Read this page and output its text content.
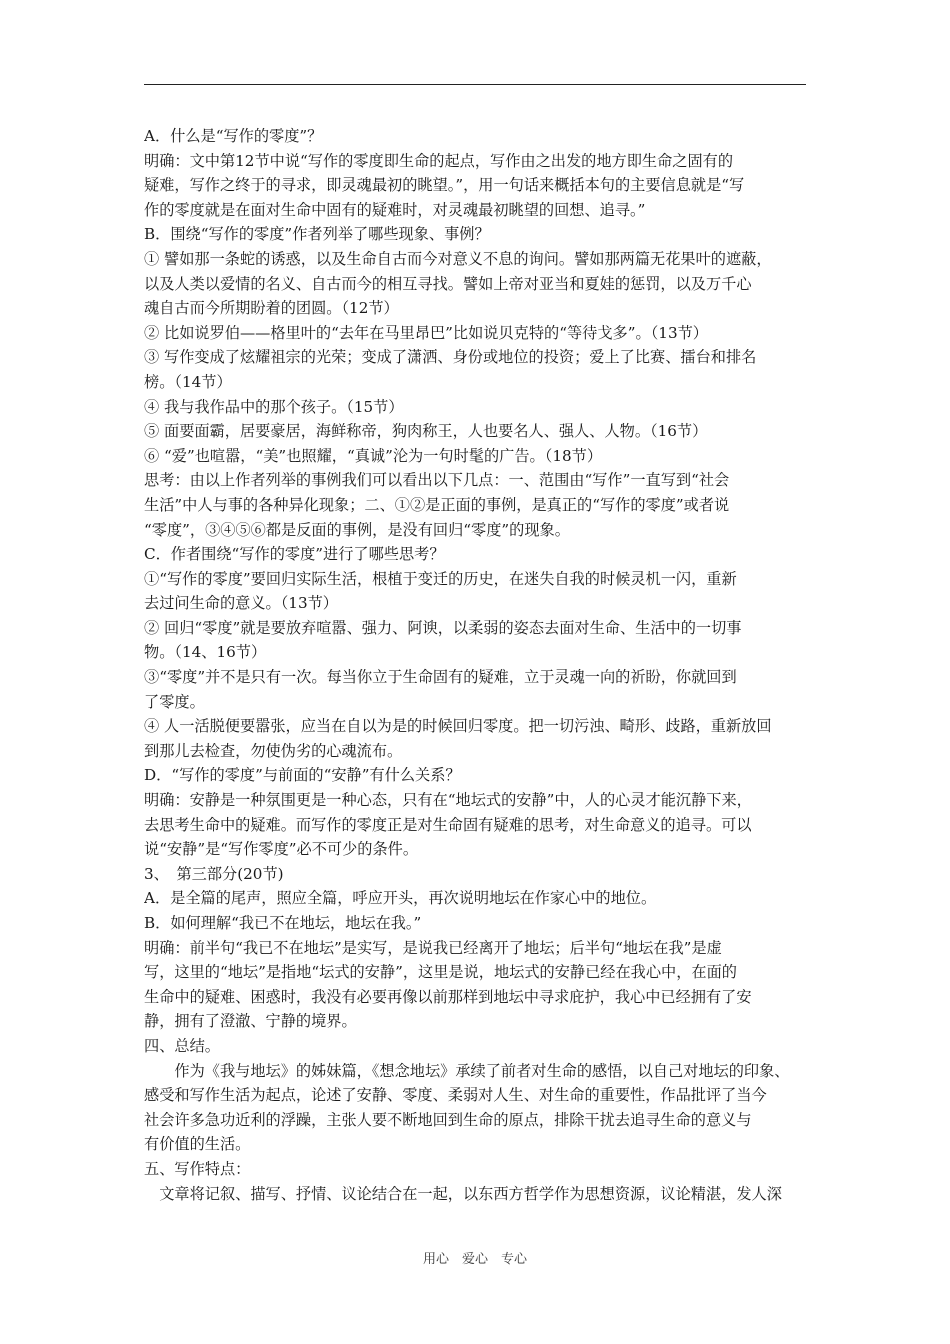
A．什么是“写作的零度”？
明确：文中第12节中说“写作的零度即生命的起点，写作由之出发的地方即生命之固有的
疑难，写作之终于的寻求，即灵魂最初的眺望。”，用一句话来概括本句的主要信息就是“写
作的零度就是在面对生命中固有的疑难时，对灵魂最初眺望的回想、追寻。”
B．围绕“写作的零度”作者列举了哪些现象、事例？
① 譬如那一条蛇的诱惑，以及生命自古而今对意义不息的询问。譬如那两篇无花果叶的遮蔽，
以及人类以爱情的名义、自古而今的相互寻找。譬如上帝对亚当和夏娃的惩罚，以及万千心
魂自古而今所期盼着的团圆。（12节）
② 比如说罗伯——格里叶的“去年在马里昂巴”比如说贝克特的“等待戈多”。（13节）
③ 写作变成了炫耀祖宗的光荣；变成了潇洒、身份或地位的投资；爱上了比赛、擂台和排名
榜。（14节）
④ 我与我作品中的那个孩子。（15节）
⑤ 面要面霸，居要豪居，海鲜称帝，狗肉称王，人也要名人、强人、人物。（16节）
⑥ “爱”也喧嚣，“美”也照耀，“真诚”沦为一句时髦的广告。（18节）
思考：由以上作者列举的事例我们可以看出以下几点：一、范围由“写作”一直写到“社会
生活”中人与事的各种异化现象；二、①②是正面的事例，是真正的“写作的零度”或者说
“零度”，③④⑤⑥都是反面的事例，是没有回归“零度”的现象。
C．作者围绕“写作的零度”进行了哪些思考？
①“写作的零度”要回归实际生活，根植于变迁的历史，在迷失自我的时候灵机一闪，重新
去过问生命的意义。（13节）
② 回归“零度”就是要放弃喧嚣、强力、阿谀，以柔弱的姿态去面对生命、生活中的一切事
物。（14、16节）
③“零度”并不是只有一次。每当你立于生命固有的疑难，立于灵魂一向的祈盼，你就回到
了零度。
④ 人一活脱便要嚣张，应当在自以为是的时候回归零度。把一切污浊、畸形、歧路，重新放回
到那儿去检查，勿使伪劣的心魂流布。
D．“写作的零度”与前面的“安静”有什么关系？
明确：安静是一种氛围更是一种心态，只有在“地坛式的安静”中，人的心灵才能沉静下来，
去思考生命中的疑难。而写作的零度正是对生命固有疑难的思考，对生命意义的追寻。可以
说“安静”是“写作零度”必不可少的条件。
3、　第三部分(20节)
A．是全篇的尾声，照应全篇，呼应开头，再次说明地坛在作家心中的地位。
B．如何理解“我已不在地坛，地坛在我。”
明确：前半句“我已不在地坛”是实写，是说我已经离开了地坛；后半句“地坛在我”是虚
写，这里的“地坛”是指地“坛式的安静”，这里是说，地坛式的安静已经在我心中，在面的
生命中的疑难、困惑时，我没有必要再像以前那样到地坛中寻求庇护，我心中已经拥有了安
静，拥有了澄澈、宁静的境界。
四、总结。
　　作为《我与地坛》的姊妹篇，《想念地坛》承续了前者对生命的感悟，以自己对地坛的印象、
感受和写作生活为起点，论述了安静、零度、柔弱对人生、对生命的重要性，作品批评了当今
社会许多急功近利的浮躁，主张人要不断地回到生命的原点，排除干扰去追寻生命的意义与
有价值的生活。
五、写作特点：
　文章将记叙、描写、抒情、议论结合在一起，以东西方哲学作为思想资源，议论精湛，发人深
用心　爱心　专心
